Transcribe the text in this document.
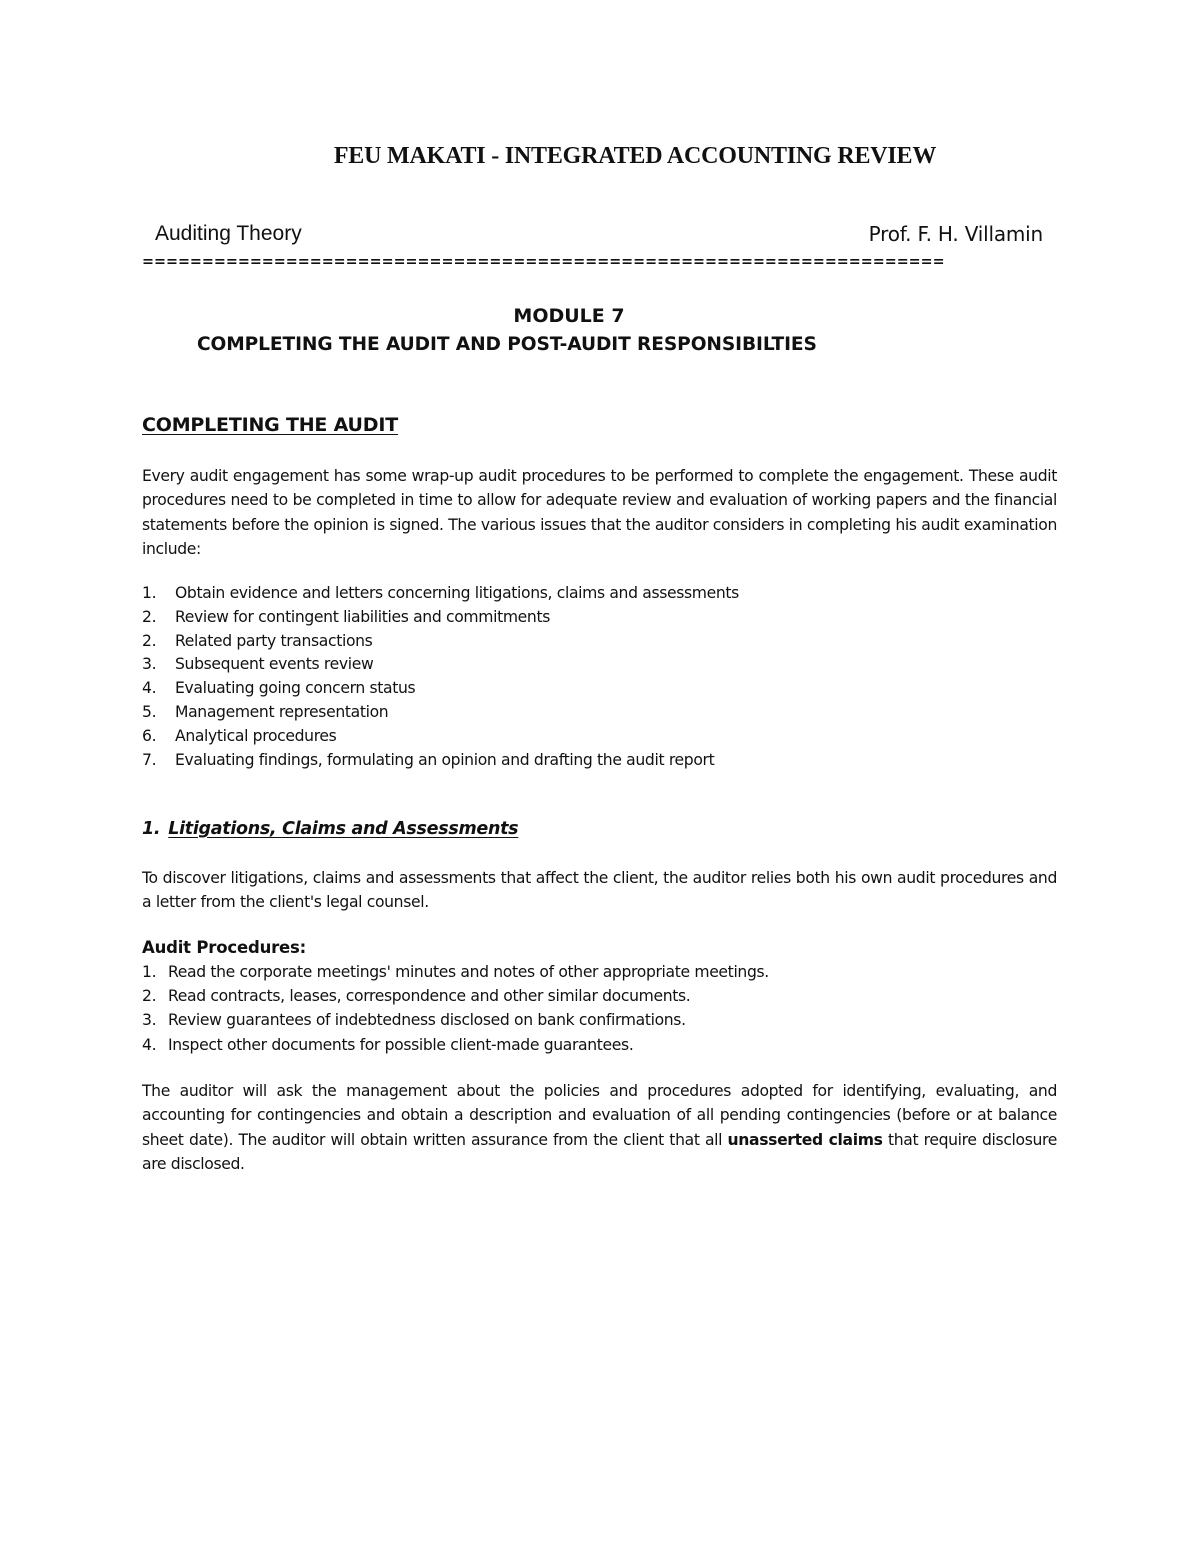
FEU MAKATI - INTEGRATED ACCOUNTING REVIEW
Auditing Theory	Prof. F. H. Villamin
===================================================================
MODULE 7
COMPLETING THE AUDIT AND POST-AUDIT RESPONSIBILTIES
COMPLETING THE AUDIT

Every audit engagement has some wrap-up audit procedures to be performed to complete the engagement. These audit procedures need to be completed in time to allow for adequate review and evaluation of working papers and the financial statements before the opinion is signed. The various issues that the auditor considers in completing his audit examination include:

1. Obtain evidence and letters concerning litigations, claims and assessments
2. Review for contingent liabilities and commitments
2. Related party transactions
3. Subsequent events review
4. Evaluating going concern status
5. Management representation
6. Analytical procedures
7. Evaluating findings, formulating an opinion and drafting the audit report
1. Litigations, Claims and Assessments

To discover litigations, claims and assessments that affect the client, the auditor relies both his own audit procedures and a letter from the client's legal counsel.

Audit Procedures:
1. Read the corporate meetings' minutes and notes of other appropriate meetings.
2. Read contracts, leases, correspondence and other similar documents.
3. Review guarantees of indebtedness disclosed on bank confirmations.
4. Inspect other documents for possible client-made guarantees.

The auditor will ask the management about the policies and procedures adopted for identifying, evaluating, and accounting for contingencies and obtain a description and evaluation of all pending contingencies (before or at balance sheet date). The auditor will obtain written assurance from the client that all unasserted claims that require disclosure are disclosed.
